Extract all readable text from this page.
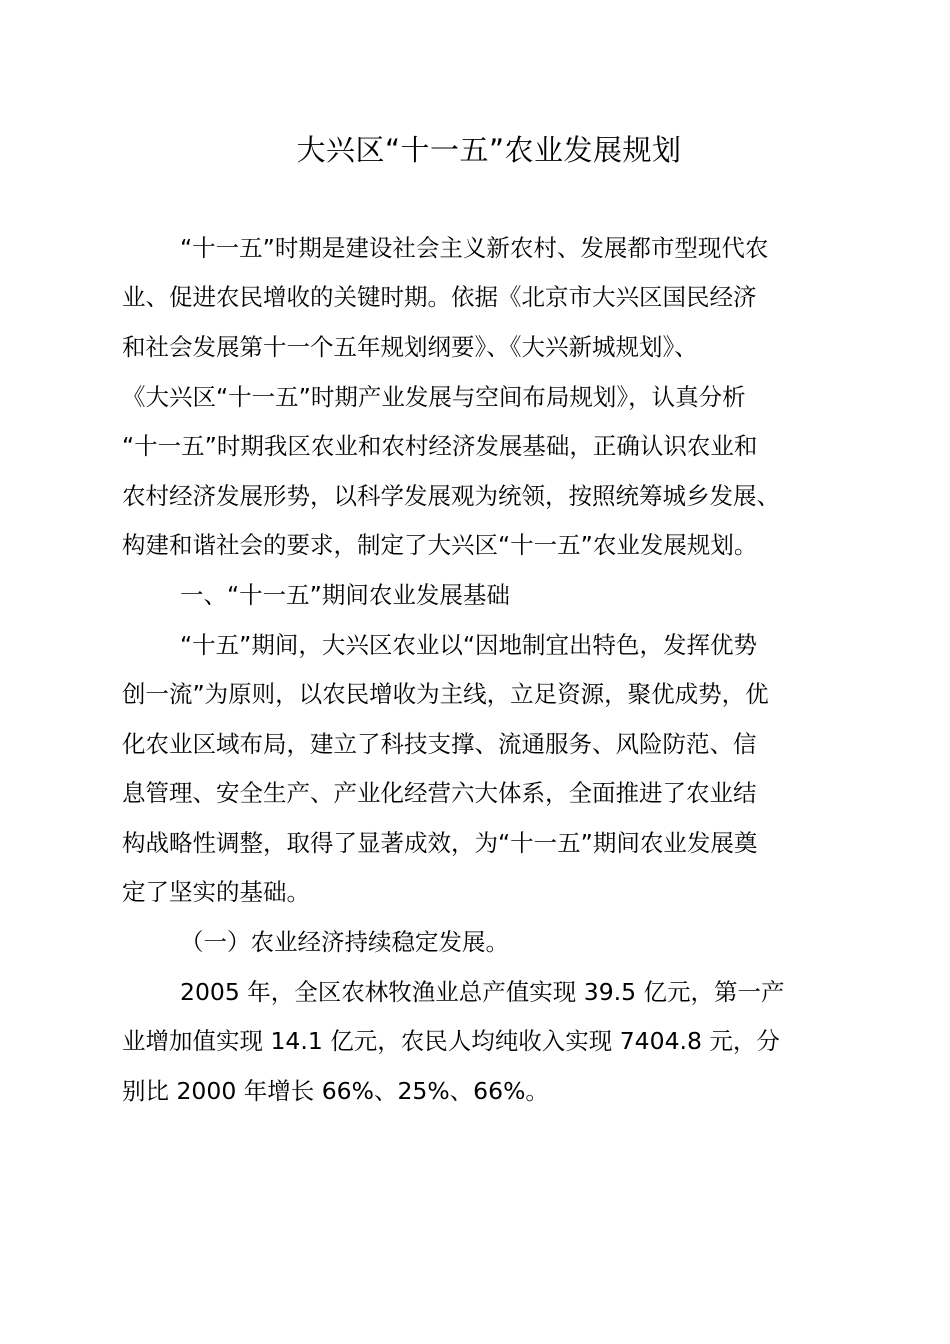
大兴区“十一五”农业发展规划
“十一五”时期是建设社会主义新农村、发展都市型现代农
业、促进农民增收的关键时期。依据《北京市大兴区国民经济
和社会发展第十一个五年规划纲要》、《大兴新城规划》、
《大兴区“十一五”时期产业发展与空间布局规划》，认真分析
“十一五”时期我区农业和农村经济发展基础，正确认识农业和
农村经济发展形势，以科学发展观为统领，按照统筹城乡发展、
构建和谐社会的要求，制定了大兴区“十一五”农业发展规划。
一、“十一五”期间农业发展基础
“十五”期间，大兴区农业以“因地制宜出特色，发挥优势
创一流”为原则，以农民增收为主线，立足资源，聚优成势，优
化农业区域布局，建立了科技支撑、流通服务、风险防范、信
息管理、安全生产、产业化经营六大体系，全面推进了农业结
构战略性调整，取得了显著成效，为“十一五”期间农业发展奠
定了坚实的基础。
（一）农业经济持续稳定发展。
2005 年，全区农林牧渔业总产值实现 39.5 亿元，第一产
业增加值实现 14.1 亿元，农民人均纯收入实现 7404.8 元，分
别比 2000 年增长 66%、25%、66%。
